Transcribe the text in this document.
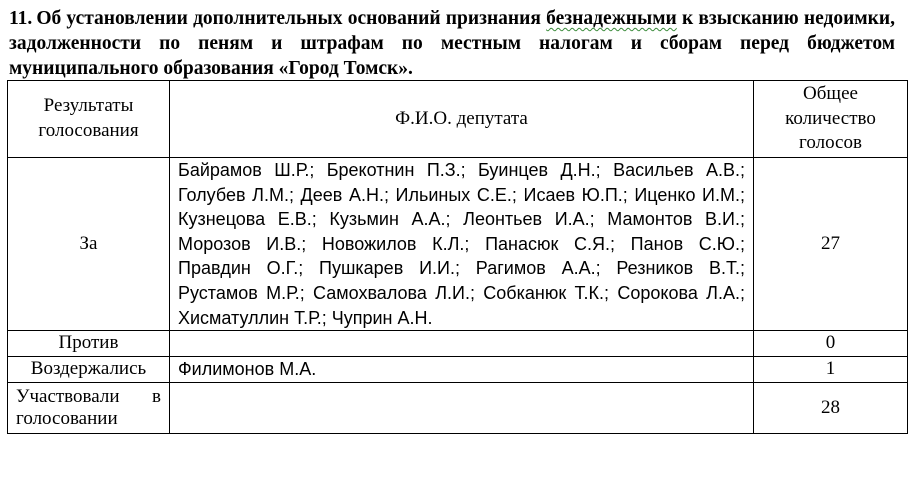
11. Об установлении дополнительных оснований признания безнадежными к взысканию недоимки, задолженности по пеням и штрафам по местным налогам и сборам перед бюджетом муниципального образования «Город Томск».
Результаты голосования	Ф.И.О. депутата	Общее количество голосов
За	Байрамов Ш.Р.; Брекотнин П.З.; Буинцев Д.Н.; Васильев А.В.; Голубев Л.М.; Деев А.Н.; Ильиных С.Е.; Исаев Ю.П.; Иценко И.М.; Кузнецова Е.В.; Кузьмин А.А.; Леонтьев И.А.; Мамонтов В.И.; Морозов И.В.; Новожилов К.Л.; Панасюк С.Я.; Панов С.Ю.; Правдин О.Г.; Пушкарев И.И.; Рагимов А.А.; Резников В.Т.; Рустамов М.Р.; Самохвалова Л.И.; Собканюк Т.К.; Сорокова Л.А.; Хисматуллин Т.Р.; Чуприн А.Н.	27
Против		0
Воздержались	Филимонов М.А.	1
Участвовали в голосовании		28
